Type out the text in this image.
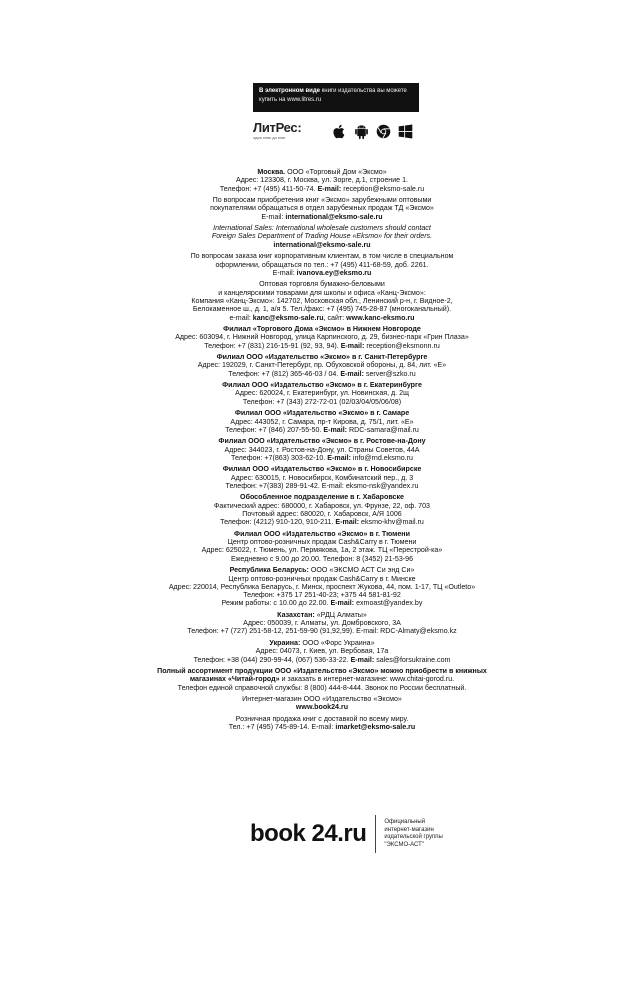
В электронном виде книги издательства вы можете
купить на www.litres.ru
ЛитРес:
один клик до книг
Москва. ООО «Торговый Дом «Эксмо»
Адрес: 123308, г. Москва, ул. Зорге, д.1, строение 1.
Телефон: +7 (495) 411-50-74. E-mail: reception@eksmo-sale.ru
По вопросам приобретения книг «Эксмо» зарубежными оптовыми
покупателями обращаться в отдел зарубежных продаж ТД «Эксмо»
E-mail: international@eksmo-sale.ru
International Sales: International wholesale customers should contact
Foreign Sales Department of Trading House «Eksmo» for their orders.
international@eksmo-sale.ru
По вопросам заказа книг корпоративным клиентам, в том числе в специальном
оформлении, обращаться по тел.: +7 (495) 411-68-59, доб. 2261.
E-mail: ivanova.ey@eksmo.ru
Оптовая торговля бумажно-беловыми
и канцелярскими товарами для школы и офиса «Канц-Эксмо»:
Компания «Канц-Эксмо»: 142702, Московская обл., Ленинский р-н, г. Видное-2,
Белокаменное ш., д. 1, а/я 5. Тел./факс: +7 (495) 745-28-87 (многоканальный).
e-mail: kanc@eksmo-sale.ru, сайт: www.kanc-eksmo.ru
Филиал «Торгового Дома «Эксмо» в Нижнем Новгороде
Адрес: 603094, г. Нижний Новгород, улица Карпинского, д. 29, бизнес-парк «Грин Плаза»
Телефон: +7 (831) 216-15-91 (92, 93, 94). E-mail: reception@eksmonn.ru
Филиал ООО «Издательство «Эксмо» в г. Санкт-Петербурге
Адрес: 192029, г. Санкт-Петербург, пр. Обуховской обороны, д. 84, лит. «Е»
Телефон: +7 (812) 365-46-03 / 04. E-mail: server@szko.ru
Филиал ООО «Издательство «Эксмо» в г. Екатеринбурге
Адрес: 620024, г. Екатеринбург, ул. Новинская, д. 2щ
Телефон: +7 (343) 272-72-01 (02/03/04/05/06/08)
Филиал ООО «Издательство «Эксмо» в г. Самаре
Адрес: 443052, г. Самара, пр-т Кирова, д. 75/1, лит. «Е»
Телефон: +7 (846) 207-55-50. E-mail: RDC-samara@mail.ru
Филиал ООО «Издательство «Эксмо» в г. Ростове-на-Дону
Адрес: 344023, г. Ростов-на-Дону, ул. Страны Советов, 44А
Телефон: +7(863) 303-62-10. E-mail: info@rnd.eksmo.ru
Филиал ООО «Издательство «Эксмо» в г. Новосибирске
Адрес: 630015, г. Новосибирск, Комбинатский пер., д. 3
Телефон: +7(383) 289-91-42. E-mail: eksmo-nsk@yandex.ru
Обособленное подразделение в г. Хабаровске
Фактический адрес: 680000, г. Хабаровск, ул. Фрунзе, 22, оф. 703
Почтовый адрес: 680020, г. Хабаровск, А/Я 1006
Телефон: (4212) 910-120, 910-211. E-mail: eksmo-khv@mail.ru
Филиал ООО «Издательство «Эксмо» в г. Тюмени
Центр оптово-розничных продаж Cash&Carry в г. Тюмени
Адрес: 625022, г. Тюмень, ул. Пермякова, 1а, 2 этаж. ТЦ «Перестрой-ка»
Ежедневно с 9.00 до 20.00. Телефон: 8 (3452) 21-53-96
Республика Беларусь: ООО «ЭКСМО АСТ Си энд Си»
Центр оптово-розничных продаж Cash&Carry в г. Минске
Адрес: 220014, Республика Беларусь, г. Минск, проспект Жукова, 44, пом. 1-17, ТЦ «Outleto»
Телефон: +375 17 251-40-23; +375 44 581-81-92
Режим работы: с 10.00 до 22.00. E-mail: exmoast@yandex.by
Казахстан: «РДЦ Алматы»
Адрес: 050039, г. Алматы, ул. Домбровского, 3А
Телефон: +7 (727) 251-58-12, 251-59-90 (91,92,99). E-mail: RDC-Almaty@eksmo.kz
Украина: ООО «Форс Украина»
Адрес: 04073, г. Киев, ул. Вербовая, 17а
Телефон: +38 (044) 290-99-44, (067) 536-33-22. E-mail: sales@forsukraine.com
Полный ассортимент продукции ООО «Издательство «Эксмо» можно приобрести в книжных
магазинах «Читай-город» и заказать в интернет-магазине: www.chitai-gorod.ru.
Телефон единой справочной службы: 8 (800) 444-8-444. Звонок по России бесплатный.
Интернет-магазин ООО «Издательство «Эксмо»
www.book24.ru
Розничная продажа книг с доставкой по всему миру.
Тел.: +7 (495) 745-89-14. E-mail: imarket@eksmo-sale.ru
book 24.ru	Официальный
интернет-магазин
издательской группы
"ЭКСМО-АСТ"
